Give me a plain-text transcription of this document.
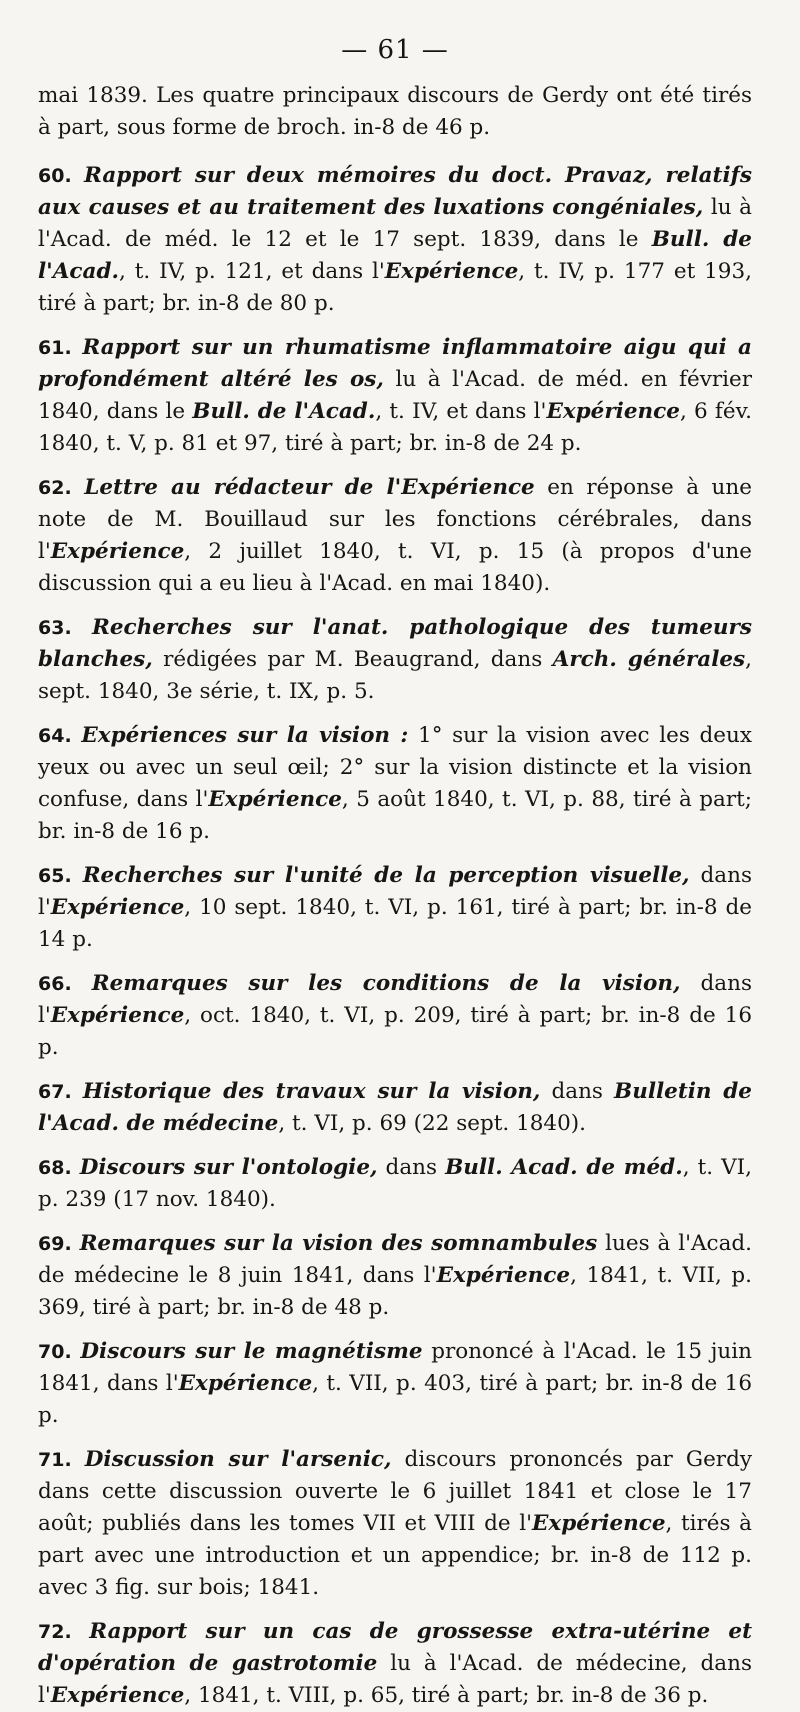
— 61 —

mai 1839. Les quatre principaux discours de Gerdy ont été tirés à part, sous forme de broch. in-8 de 46 p.

60. Rapport sur deux mémoires du doct. Pravaz, relatifs aux causes et au traitement des luxations congéniales, lu à l'Acad. de méd. le 12 et le 17 sept. 1839, dans le Bull. de l'Acad., t. IV, p. 121, et dans l'Expérience, t. IV, p. 177 et 193, tiré à part; br. in-8 de 80 p.

61. Rapport sur un rhumatisme inflammatoire aigu qui a profondément altéré les os, lu à l'Acad. de méd. en février 1840, dans le Bull. de l'Acad., t. IV, et dans l'Expérience, 6 fév. 1840, t. V, p. 81 et 97, tiré à part; br. in-8 de 24 p.

62. Lettre au rédacteur de l'Expérience en réponse à une note de M. Bouillaud sur les fonctions cérébrales, dans l'Expérience, 2 juillet 1840, t. VI, p. 15 (à propos d'une discussion qui a eu lieu à l'Acad. en mai 1840).

63. Recherches sur l'anat. pathologique des tumeurs blanches, rédigées par M. Beaugrand, dans Arch. générales, sept. 1840, 3e série, t. IX, p. 5.

64. Expériences sur la vision : 1° sur la vision avec les deux yeux ou avec un seul œil; 2° sur la vision distincte et la vision confuse, dans l'Expérience, 5 août 1840, t. VI, p. 88, tiré à part; br. in-8 de 16 p.

65. Recherches sur l'unité de la perception visuelle, dans l'Expérience, 10 sept. 1840, t. VI, p. 161, tiré à part; br. in-8 de 14 p.

66. Remarques sur les conditions de la vision, dans l'Expérience, oct. 1840, t. VI, p. 209, tiré à part; br. in-8 de 16 p.

67. Historique des travaux sur la vision, dans Bulletin de l'Acad. de médecine, t. VI, p. 69 (22 sept. 1840).

68. Discours sur l'ontologie, dans Bull. Acad. de méd., t. VI, p. 239 (17 nov. 1840).

69. Remarques sur la vision des somnambules lues à l'Acad. de médecine le 8 juin 1841, dans l'Expérience, 1841, t. VII, p. 369, tiré à part; br. in-8 de 48 p.

70. Discours sur le magnétisme prononcé à l'Acad. le 15 juin 1841, dans l'Expérience, t. VII, p. 403, tiré à part; br. in-8 de 16 p.

71. Discussion sur l'arsenic, discours prononcés par Gerdy dans cette discussion ouverte le 6 juillet 1841 et close le 17 août; publiés dans les tomes VII et VIII de l'Expérience, tirés à part avec une introduction et un appendice; br. in-8 de 112 p. avec 3 fig. sur bois; 1841.

72. Rapport sur un cas de grossesse extra-utérine et d'opération de gastrotomie lu à l'Acad. de médecine, dans l'Expérience, 1841, t. VIII, p. 65, tiré à part; br. in-8 de 36 p.
